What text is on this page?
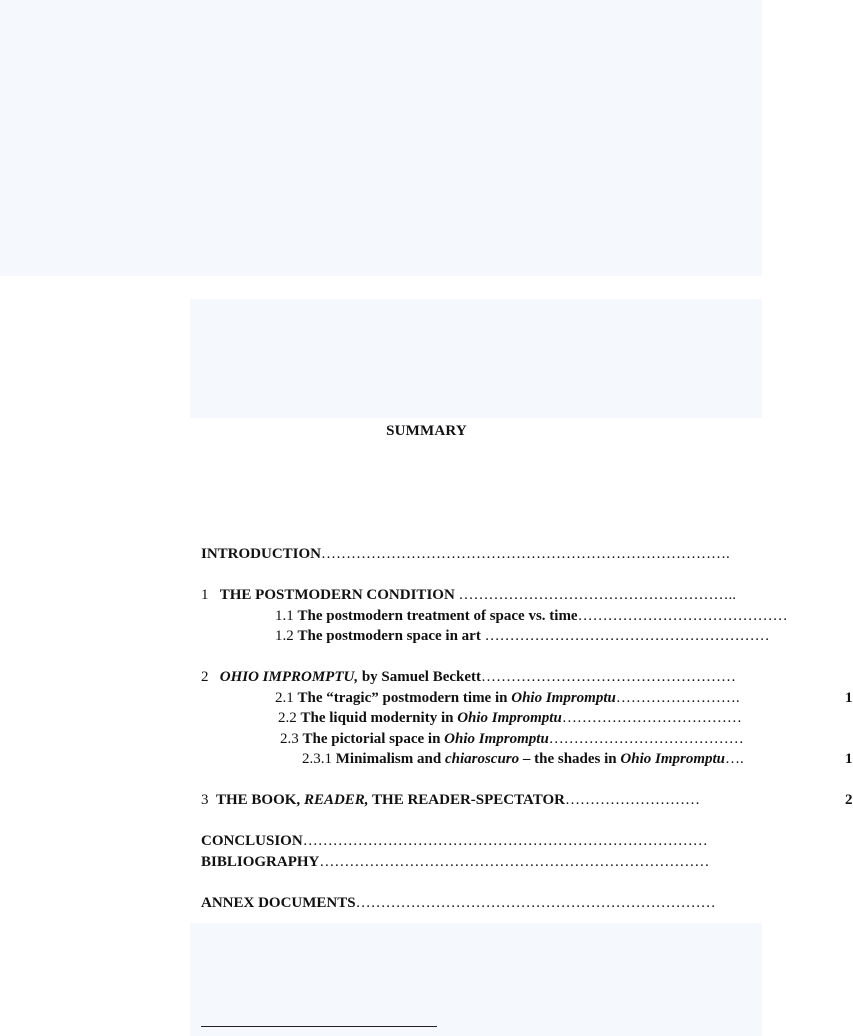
SUMMARY
INTRODUCTION……………………………………………………………………….
1 THE POSTMODERN CONDITION ………………………………………………..
1.1 The postmodern treatment of space vs. time……………………………………
1.2 The postmodern space in art …………………………………………………
2 OHIO IMPROMPTU, by Samuel Beckett……………………………………………
2.1 The “tragic” postmodern time in Ohio Impromptu…………………….	1
2.2 The liquid modernity in Ohio Impromptu………………………………
2.3 The pictorial space in Ohio Impromptu…………………………………
2.3.1 Minimalism and chiaroscuro – the shades in Ohio Impromptu….	1
3 THE BOOK, READER, THE READER-SPECTATOR………………………	2
CONCLUSION………………………………………………………………………
BIBLIOGRAPHY……………………………………………………………………
ANNEX DOCUMENTS………………………………………………………………
